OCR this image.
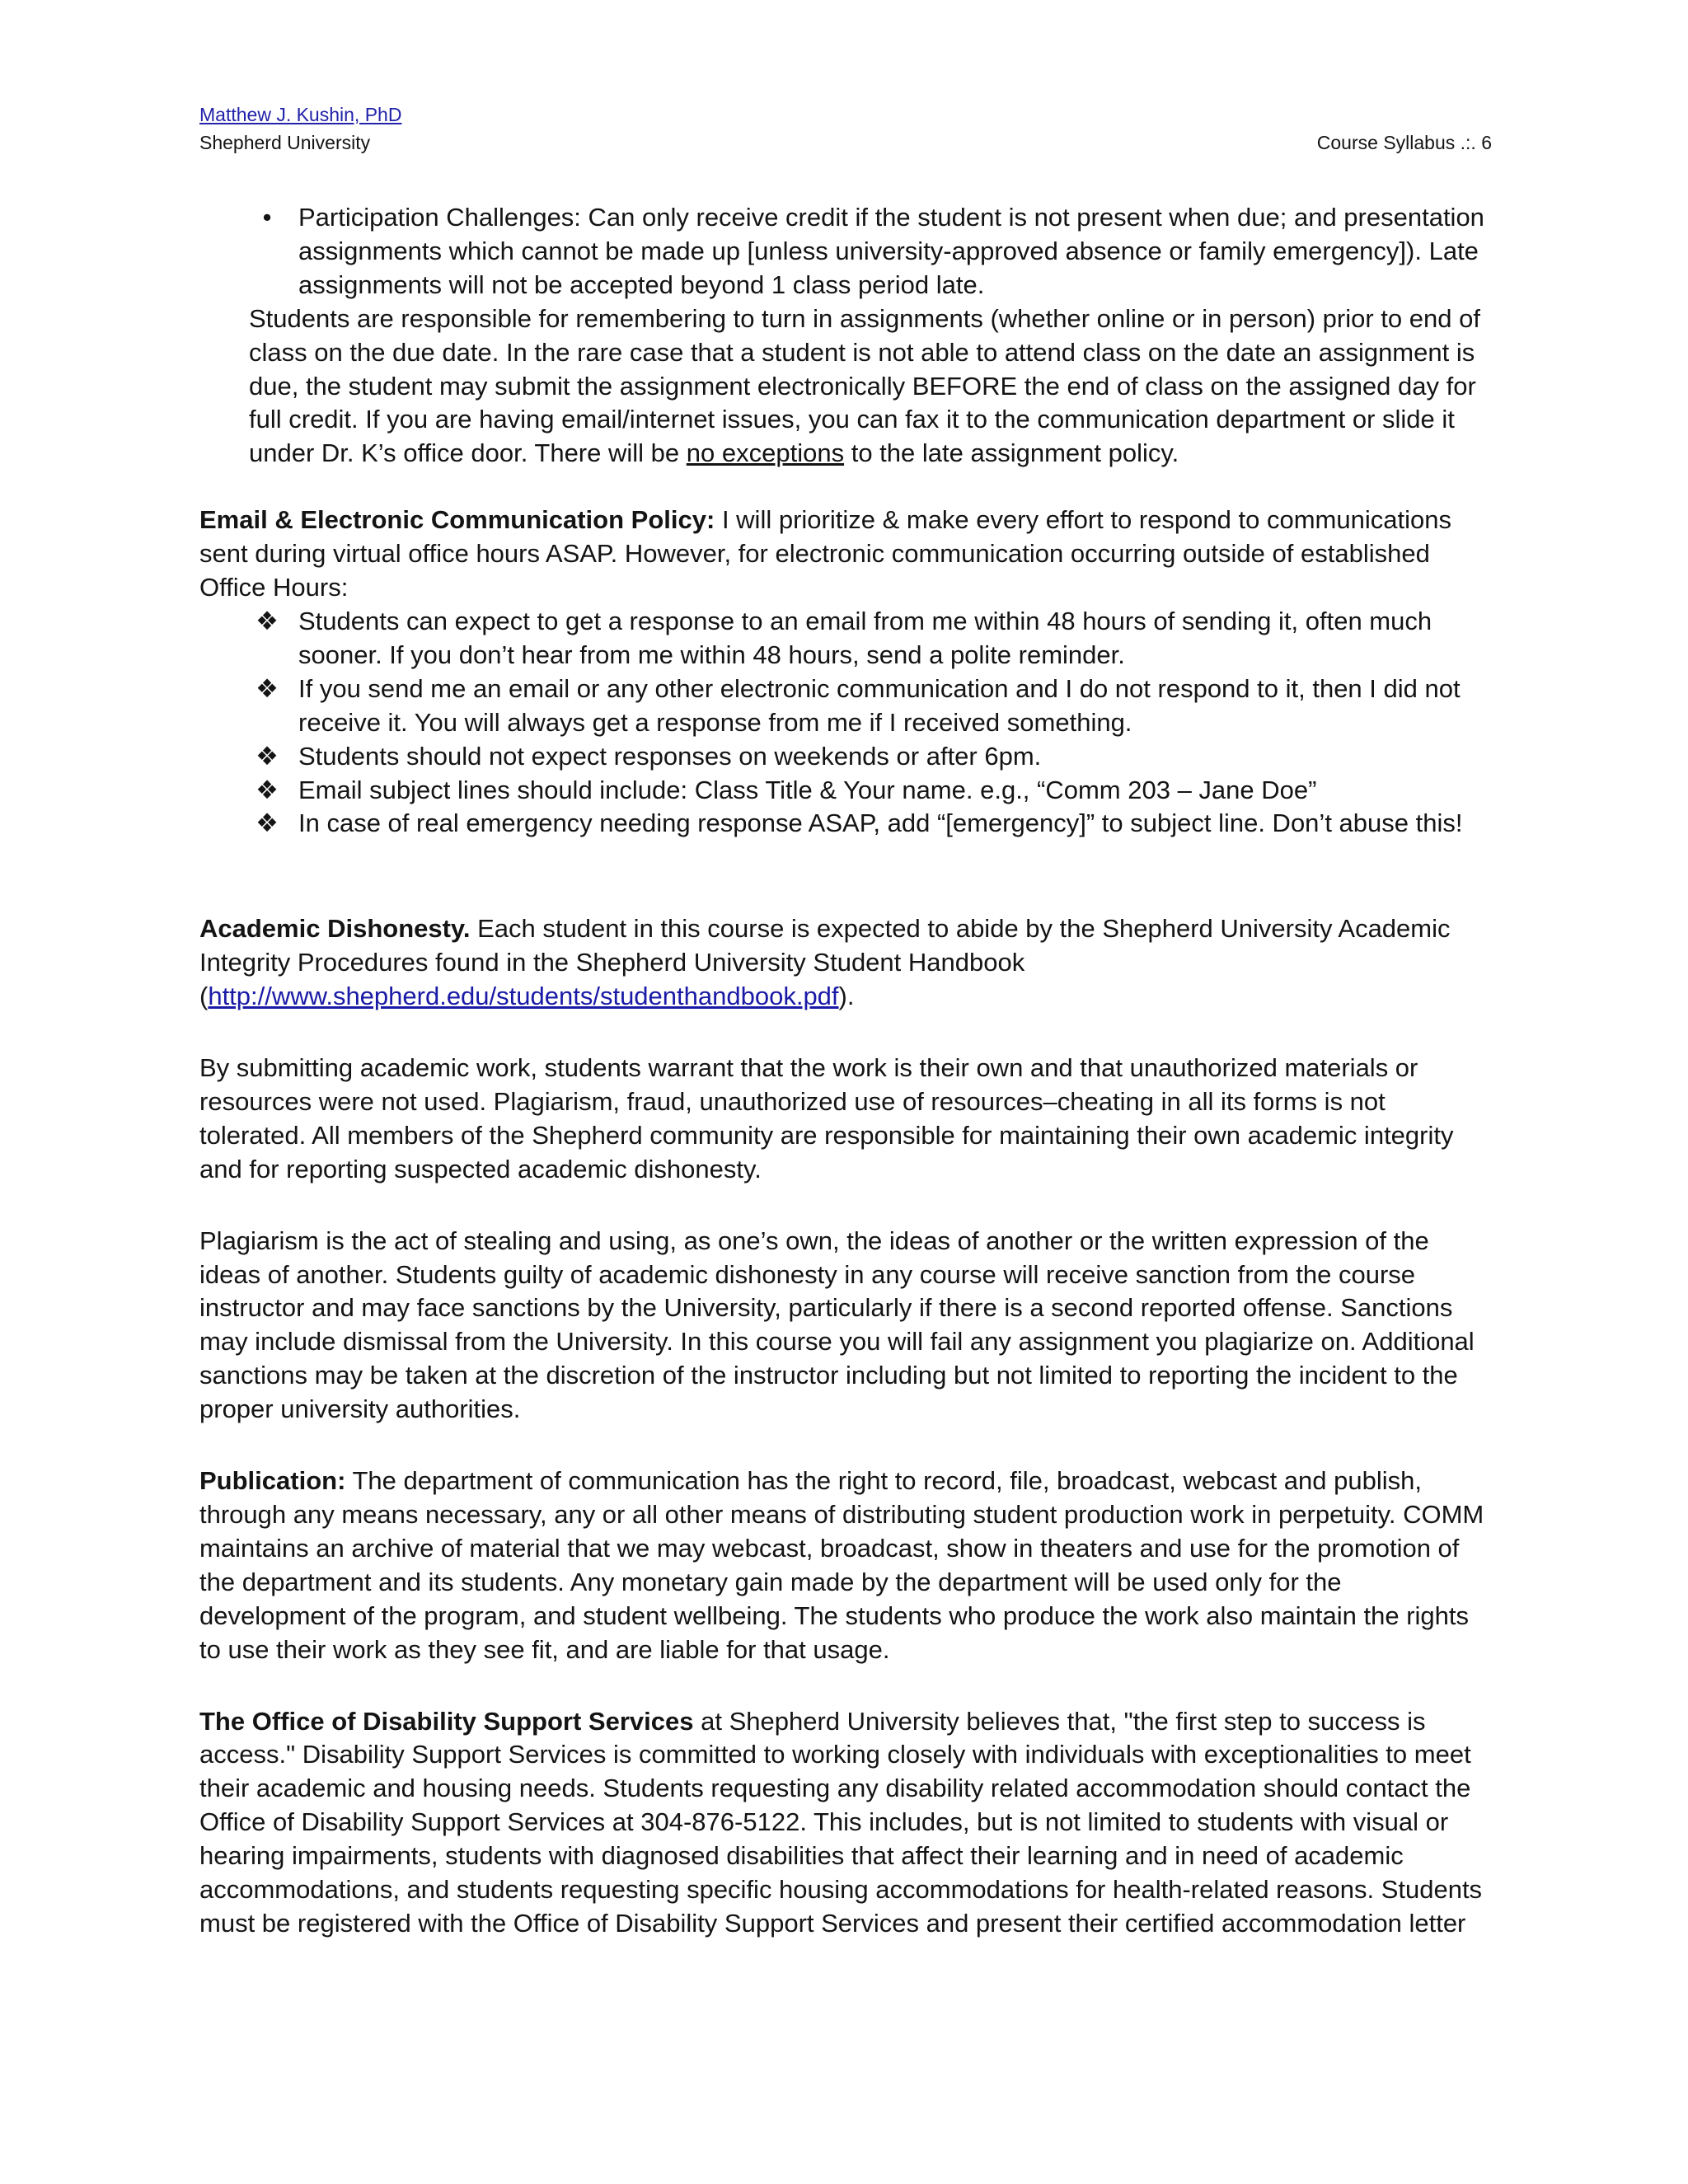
Matthew J. Kushin, PhD
Shepherd University	Course Syllabus .:. 6
•	Participation Challenges: Can only receive credit if the student is not present when due; and presentation assignments which cannot be made up [unless university-approved absence or family emergency]). Late assignments will not be accepted beyond 1 class period late.

Students are responsible for remembering to turn in assignments (whether online or in person) prior to end of class on the due date. In the rare case that a student is not able to attend class on the date an assignment is due, the student may submit the assignment electronically BEFORE the end of class on the assigned day for full credit. If you are having email/internet issues, you can fax it to the communication department or slide it under Dr. K’s office door. There will be no exceptions to the late assignment policy.

Email & Electronic Communication Policy: I will prioritize & make every effort to respond to communications sent during virtual office hours ASAP. However, for electronic communication occurring outside of established Office Hours:

❖ Students can expect to get a response to an email from me within 48 hours of sending it, often much sooner. If you don’t hear from me within 48 hours, send a polite reminder.
❖ If you send me an email or any other electronic communication and I do not respond to it, then I did not receive it. You will always get a response from me if I received something.
❖ Students should not expect responses on weekends or after 6pm.
❖ Email subject lines should include: Class Title & Your name. e.g., “Comm 203 – Jane Doe”
❖ In case of real emergency needing response ASAP, add “[emergency]” to subject line. Don’t abuse this!

Academic Dishonesty. Each student in this course is expected to abide by the Shepherd University Academic Integrity Procedures found in the Shepherd University Student Handbook
(http://www.shepherd.edu/students/studenthandbook.pdf).

By submitting academic work, students warrant that the work is their own and that unauthorized materials or resources were not used. Plagiarism, fraud, unauthorized use of resources–cheating in all its forms is not tolerated. All members of the Shepherd community are responsible for maintaining their own academic integrity and for reporting suspected academic dishonesty.

Plagiarism is the act of stealing and using, as one’s own, the ideas of another or the written expression of the ideas of another. Students guilty of academic dishonesty in any course will receive sanction from the course instructor and may face sanctions by the University, particularly if there is a second reported offense. Sanctions may include dismissal from the University. In this course you will fail any assignment you plagiarize on. Additional sanctions may be taken at the discretion of the instructor including but not limited to reporting the incident to the proper university authorities.

Publication: The department of communication has the right to record, file, broadcast, webcast and publish, through any means necessary, any or all other means of distributing student production work in perpetuity. COMM maintains an archive of material that we may webcast, broadcast, show in theaters and use for the promotion of the department and its students. Any monetary gain made by the department will be used only for the development of the program, and student wellbeing. The students who produce the work also maintain the rights to use their work as they see fit, and are liable for that usage.

The Office of Disability Support Services at Shepherd University believes that, "the first step to success is access." Disability Support Services is committed to working closely with individuals with exceptionalities to meet their academic and housing needs. Students requesting any disability related accommodation should contact the Office of Disability Support Services at 304-876-5122. This includes, but is not limited to students with visual or hearing impairments, students with diagnosed disabilities that affect their learning and in need of academic accommodations, and students requesting specific housing accommodations for health-related reasons. Students must be registered with the Office of Disability Support Services and present their certified accommodation letter
